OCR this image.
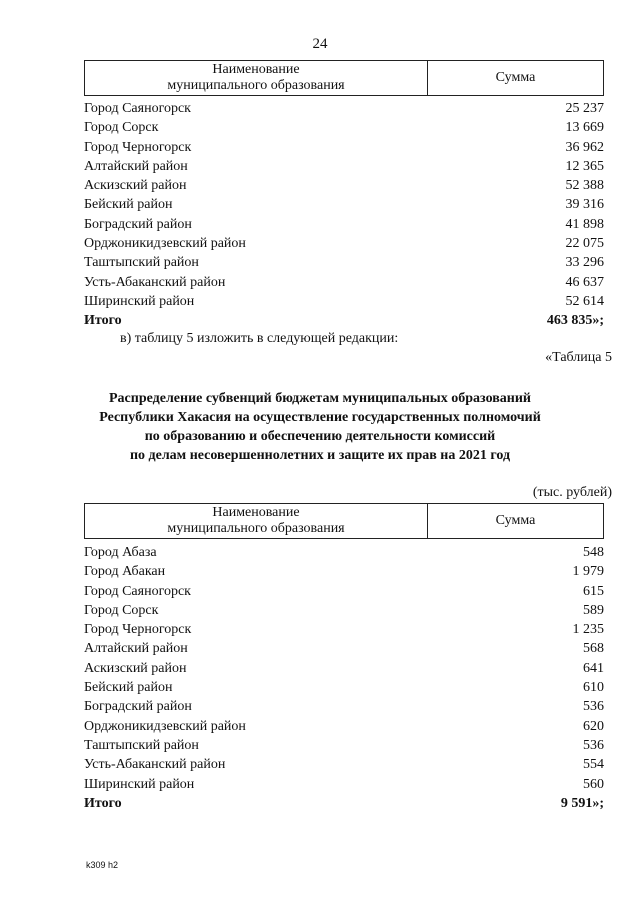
24
Наименование
муниципального образования
Сумма
Город Саяногорск	25 237
Город Сорск	13 669
Город Черногорск	36 962
Алтайский район	12 365
Аскизский район	52 388
Бейский район	39 316
Боградский район	41 898
Орджоникидзевский район	22 075
Таштыпский район	33 296
Усть-Абаканский район	46 637
Ширинский район	52 614
Итого	463 835»;
в) таблицу 5 изложить в следующей редакции:
«Таблица 5
Распределение субвенций бюджетам муниципальных образований
Республики Хакасия на осуществление государственных полномочий
по образованию и обеспечению деятельности комиссий
по делам несовершеннолетних и защите их прав на 2021 год
(тыс. рублей)
Наименование
муниципального образования
Сумма
Город Абаза	548
Город Абакан	1 979
Город Саяногорск	615
Город Сорск	589
Город Черногорск	1 235
Алтайский район	568
Аскизский район	641
Бейский район	610
Боградский район	536
Орджоникидзевский район	620
Таштыпский район	536
Усть-Абаканский район	554
Ширинский район	560
Итого	9 591»;
k309 h2
